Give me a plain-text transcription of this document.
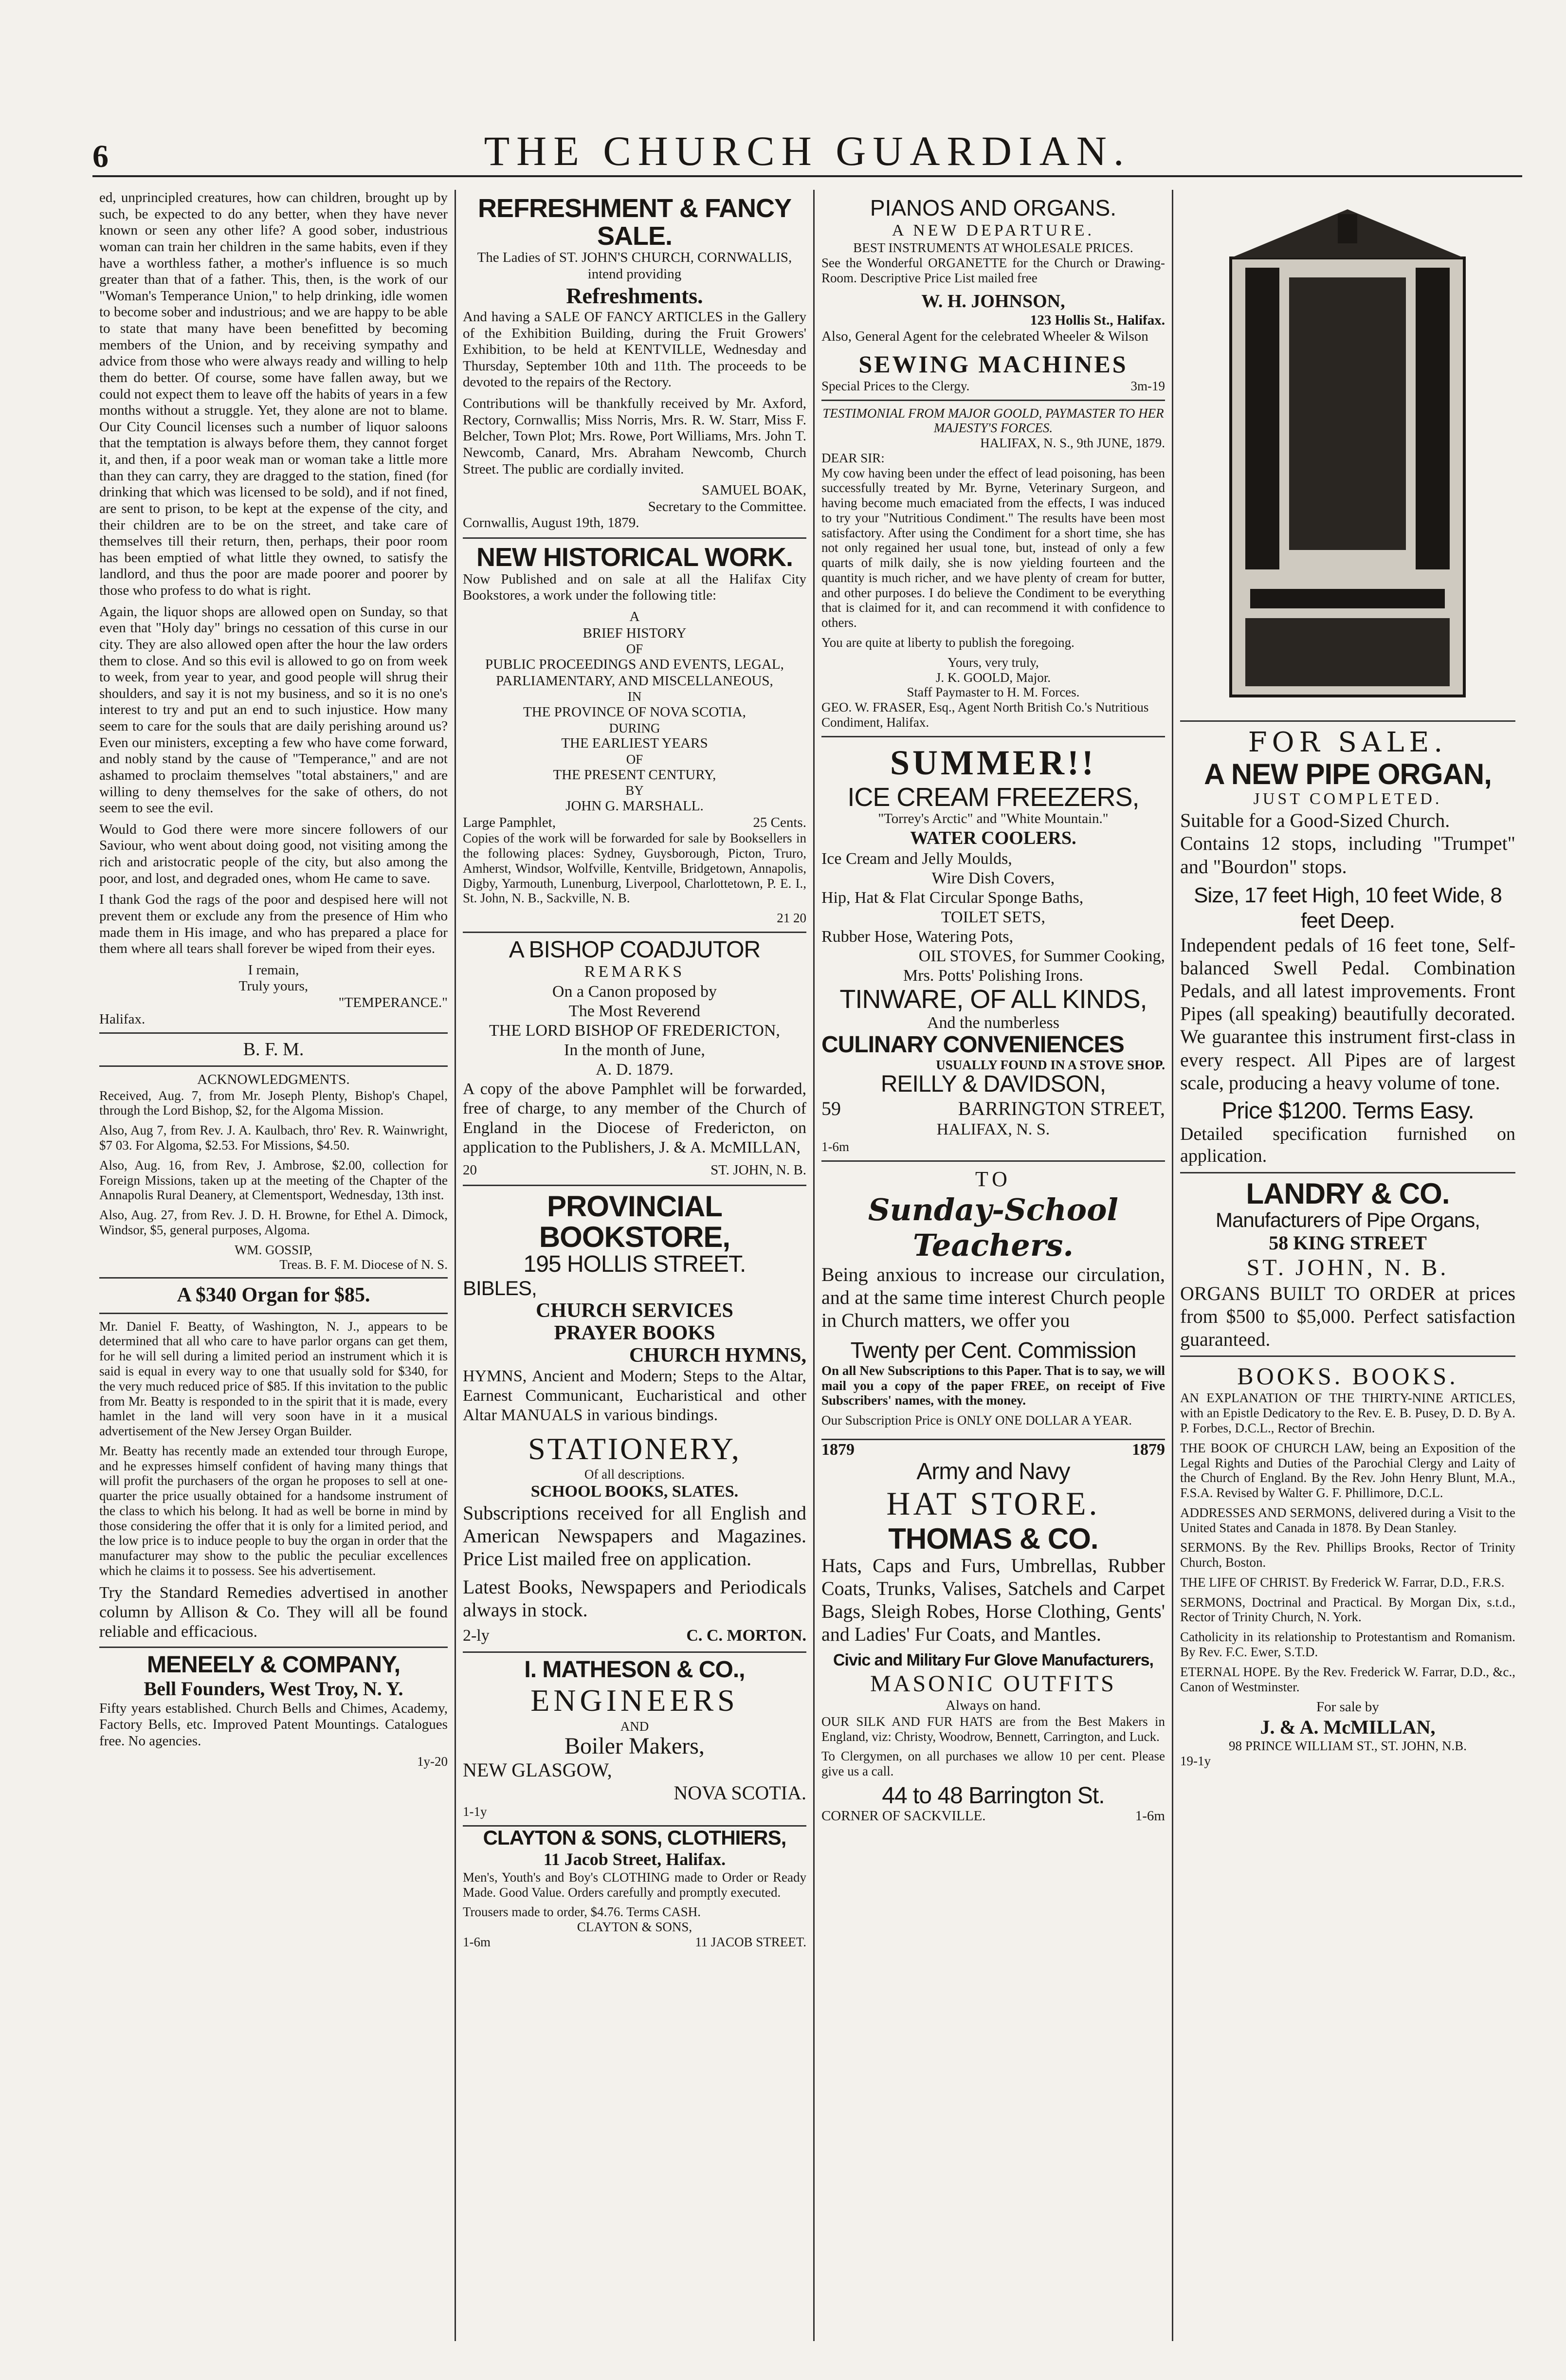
6	THE CHURCH GUARDIAN.

ed, unprincipled creatures, how can children, brought up by such, be expected to do any better, when they have never known or seen any other life? A good sober, industrious woman can train her children in the same habits, even if they have a worthless father, a mother's influence is so much greater than that of a father. This, then, is the work of our "Woman's Temperance Union," to help drinking, idle women to become sober and industrious; and we are happy to be able to state that many have been benefitted by becoming members of the Union, and by receiving sympathy and advice from those who were always ready and willing to help them do better. Of course, some have fallen away, but we could not expect them to leave off the habits of years in a few months without a struggle. Yet, they alone are not to blame. Our City Council licenses such a number of liquor saloons that the temptation is always before them, they cannot forget it, and then, if a poor weak man or woman take a little more than they can carry, they are dragged to the station, fined (for drinking that which was licensed to be sold), and if not fined, are sent to prison, to be kept at the expense of the city, and their children are to be on the street, and take care of themselves till their return, then, perhaps, their poor room has been emptied of what little they owned, to satisfy the landlord, and thus the poor are made poorer and poorer by those who profess to do what is right.

Again, the liquor shops are allowed open on Sunday, so that even that "Holy day" brings no cessation of this curse in our city. They are also allowed open after the hour the law orders them to close. And so this evil is allowed to go on from week to week, from year to year, and good people will shrug their shoulders, and say it is not my business, and so it is no one's interest to try and put an end to such injustice. How many seem to care for the souls that are daily perishing around us? Even our ministers, excepting a few who have come forward, and nobly stand by the cause of "Temperance," and are not ashamed to proclaim themselves "total abstainers," and are willing to deny themselves for the sake of others, do not seem to see the evil.

Would to God there were more sincere followers of our Saviour, who went about doing good, not visiting among the rich and aristocratic people of the city, but also among the poor, and lost, and degraded ones, whom He came to save.

I thank God the rags of the poor and despised here will not prevent them or exclude any from the presence of Him who made them in His image, and who has prepared a place for them where all tears shall forever be wiped from their eyes.

I remain,
Truly yours,
"TEMPERANCE."
Halifax.
B. F. M.
ACKNOWLEDGMENTS.

Received, Aug. 7, from Mr. Joseph Plenty, Bishop's Chapel, through the Lord Bishop, $2, for the Algoma Mission.

Also, Aug 7, from Rev. J. A. Kaulbach, thro' Rev. R. Wainwright, $7 03. For Algoma, $2.53. For Missions, $4.50.

Also, Aug. 16, from Rev, J. Ambrose, $2.00, collection for Foreign Missions, taken up at the meeting of the Chapter of the Annapolis Rural Deanery, at Clementsport, Wednesday, 13th inst.

Also, Aug. 27, from Rev. J. D. H. Browne, for Ethel A. Dimock, Windsor, $5, general purposes, Algoma.

WM. GOSSIP,
Treas. B. F. M. Diocese of N. S.
A $340 Organ for $85.

Mr. Daniel F. Beatty, of Washington, N. J., appears to be determined that all who care to have parlor organs can get them, for he will sell during a limited period an instrument which it is said is equal in every way to one that usually sold for $340, for the very much reduced price of $85. If this invitation to the public from Mr. Beatty is responded to in the spirit that it is made, every hamlet in the land will very soon have in it a musical advertisement of the New Jersey Organ Builder.

Mr. Beatty has recently made an extended tour through Europe, and he expresses himself confident of having many things that will profit the purchasers of the organ he proposes to sell at one-quarter the price usually obtained for a handsome instrument of the class to which his belong. It had as well be borne in mind by those considering the offer that it is only for a limited period, and the low price is to induce people to buy the organ in order that the manufacturer may show to the public the peculiar excellences which he claims it to possess. See his advertisement.

Try the Standard Remedies advertised in another column by Allison & Co. They will all be found reliable and efficacious.

MENEELY & COMPANY,
Bell Founders, West Troy, N. Y.

Fifty years established. Church Bells and Chimes, Academy, Factory Bells, etc. Improved Patent Mountings. Catalogues free. No agencies.

1y-20
REFRESHMENT & FANCY SALE.
The Ladies of ST. JOHN'S CHURCH, CORNWALLIS, intend providing
Refreshments.

And having a SALE OF FANCY ARTICLES in the Gallery of the Exhibition Building, during the Fruit Growers' Exhibition, to be held at KENTVILLE, Wednesday and Thursday, September 10th and 11th. The proceeds to be devoted to the repairs of the Rectory.

Contributions will be thankfully received by Mr. Axford, Rectory, Cornwallis; Miss Norris, Mrs. R. W. Starr, Miss F. Belcher, Town Plot; Mrs. Rowe, Port Williams, Mrs. John T. Newcomb, Canard, Mrs. Abraham Newcomb, Church Street. The public are cordially invited.

SAMUEL BOAK,
Secretary to the Committee.
Cornwallis, August 19th, 1879.
NEW HISTORICAL WORK.

Now Published and on sale at all the Halifax City Bookstores, a work under the following title:

A
BRIEF HISTORY
OF
PUBLIC PROCEEDINGS AND EVENTS, LEGAL, PARLIAMENTARY, AND MISCELLANEOUS,
IN
THE PROVINCE OF NOVA SCOTIA,
DURING
THE EARLIEST YEARS
OF
THE PRESENT CENTURY,
BY
JOHN G. MARSHALL.
Large Pamphlet,	25 Cents.

Copies of the work will be forwarded for sale by Booksellers in the following places: Sydney, Guysborough, Picton, Truro, Amherst, Windsor, Wolfville, Kentville, Bridgetown, Annapolis, Digby, Yarmouth, Lunenburg, Liverpool, Charlottetown, P. E. I., St. John, N. B., Sackville, N. B.

21 20
A BISHOP COADJUTOR
REMARKS
On a Canon proposed by
The Most Reverend
THE LORD BISHOP OF FREDERICTON,
In the month of June,
A. D. 1879.

A copy of the above Pamphlet will be forwarded, free of charge, to any member of the Church of England in the Diocese of Fredericton, on application to the Publishers, J. & A. McMILLAN,

20	ST. JOHN, N. B.
PROVINCIAL BOOKSTORE,
195 HOLLIS STREET.
BIBLES,
CHURCH SERVICES
PRAYER BOOKS
CHURCH HYMNS,

HYMNS, Ancient and Modern; Steps to the Altar, Earnest Communicant, Eucharistical and other Altar MANUALS in various bindings.

STATIONERY,
Of all descriptions.
SCHOOL BOOKS, SLATES.

Subscriptions received for all English and American Newspapers and Magazines. Price List mailed free on application.

Latest Books, Newspapers and Periodicals always in stock.

2-ly	C. C. MORTON.
I. MATHESON & CO.,
ENGINEERS
AND
Boiler Makers,
NEW GLASGOW,
NOVA SCOTIA.
1-1y
CLAYTON & SONS, CLOTHIERS,
11 Jacob Street, Halifax.

Men's, Youth's and Boy's CLOTHING made to Order or Ready Made. Good Value. Orders carefully and promptly executed.

Trousers made to order, $4.76. Terms CASH.
CLAYTON & SONS,
1-6m	11 JACOB STREET.
PIANOS AND ORGANS.
A NEW DEPARTURE.
BEST INSTRUMENTS AT WHOLESALE PRICES.

See the Wonderful ORGANETTE for the Church or Drawing-Room. Descriptive Price List mailed free

W. H. JOHNSON,
123 Hollis St., Halifax.

Also, General Agent for the celebrated Wheeler & Wilson

SEWING MACHINES
Special Prices to the Clergy.	3m-19
TESTIMONIAL FROM MAJOR GOOLD, PAYMASTER TO HER MAJESTY'S FORCES.
HALIFAX, N. S., 9th JUNE, 1879.
DEAR SIR:

My cow having been under the effect of lead poisoning, has been successfully treated by Mr. Byrne, Veterinary Surgeon, and having become much emaciated from the effects, I was induced to try your "Nutritious Condiment." The results have been most satisfactory. After using the Condiment for a short time, she has not only regained her usual tone, but, instead of only a few quarts of milk daily, she is now yielding fourteen and the quantity is much richer, and we have plenty of cream for butter, and other purposes. I do believe the Condiment to be everything that is claimed for it, and can recommend it with confidence to others.

You are quite at liberty to publish the foregoing.

Yours, very truly,
J. K. GOOLD, Major.
Staff Paymaster to H. M. Forces.
GEO. W. FRASER, Esq., Agent North British Co.'s Nutritious Condiment, Halifax.
SUMMER!!
ICE CREAM FREEZERS,
"Torrey's Arctic" and "White Mountain."
WATER COOLERS.
Ice Cream and Jelly Moulds,
Wire Dish Covers,
Hip, Hat & Flat Circular Sponge Baths,
TOILET SETS,
Rubber Hose, Watering Pots,
OIL STOVES, for Summer Cooking,
Mrs. Potts' Polishing Irons.
TINWARE, OF ALL KINDS,
And the numberless
CULINARY CONVENIENCES
USUALLY FOUND IN A STOVE SHOP.
REILLY & DAVIDSON,
59	BARRINGTON STREET,
HALIFAX, N. S.
1-6m
TO
Sunday-School Teachers.

Being anxious to increase our circulation, and at the same time interest Church people in Church matters, we offer you

Twenty per Cent. Commission

On all New Subscriptions to this Paper. That is to say, we will mail you a copy of the paper FREE, on receipt of Five Subscribers' names, with the money.

Our Subscription Price is ONLY ONE DOLLAR A YEAR.

1879	1879
Army and Navy
HAT STORE.
THOMAS & CO.

Hats, Caps and Furs, Umbrellas, Rubber Coats, Trunks, Valises, Satchels and Carpet Bags, Sleigh Robes, Horse Clothing, Gents' and Ladies' Fur Coats, and Mantles.

Civic and Military Fur Glove Manufacturers,
MASONIC OUTFITS
Always on hand.

OUR SILK AND FUR HATS are from the Best Makers in England, viz: Christy, Woodrow, Bennett, Carrington, and Luck.

To Clergymen, on all purchases we allow 10 per cent. Please give us a call.

44 to 48 Barrington St.
CORNER OF SACKVILLE.	1-6m
FOR SALE.
A NEW PIPE ORGAN,
JUST COMPLETED.
Suitable for a Good-Sized Church.

Contains 12 stops, including "Trumpet" and "Bourdon" stops.

Size, 17 feet High, 10 feet Wide, 8 feet Deep.

Independent pedals of 16 feet tone, Self-balanced Swell Pedal. Combination Pedals, and all latest improvements. Front Pipes (all speaking) beautifully decorated. We guarantee this instrument first-class in every respect. All Pipes are of largest scale, producing a heavy volume of tone.

Price $1200. Terms Easy.

Detailed specification furnished on application.

LANDRY & CO.
Manufacturers of Pipe Organs,
58 KING STREET
ST. JOHN, N. B.

ORGANS BUILT TO ORDER at prices from $500 to $5,000. Perfect satisfaction guaranteed.

BOOKS. BOOKS.

AN EXPLANATION OF THE THIRTY-NINE ARTICLES, with an Epistle Dedicatory to the Rev. E. B. Pusey, D. D. By A. P. Forbes, D.C.L., Rector of Brechin.

THE BOOK OF CHURCH LAW, being an Exposition of the Legal Rights and Duties of the Parochial Clergy and Laity of the Church of England. By the Rev. John Henry Blunt, M.A., F.S.A. Revised by Walter G. F. Phillimore, D.C.L.

ADDRESSES AND SERMONS, delivered during a Visit to the United States and Canada in 1878. By Dean Stanley.

SERMONS. By the Rev. Phillips Brooks, Rector of Trinity Church, Boston.

THE LIFE OF CHRIST. By Frederick W. Farrar, D.D., F.R.S.

SERMONS, Doctrinal and Practical. By Morgan Dix, s.t.d., Rector of Trinity Church, N. York.

Catholicity in its relationship to Protestantism and Romanism. By Rev. F.C. Ewer, S.T.D.

ETERNAL HOPE. By the Rev. Frederick W. Farrar, D.D., &c., Canon of Westminster.

For sale by
J. & A. McMILLAN,
98 PRINCE WILLIAM ST., ST. JOHN, N.B.
19-1y
